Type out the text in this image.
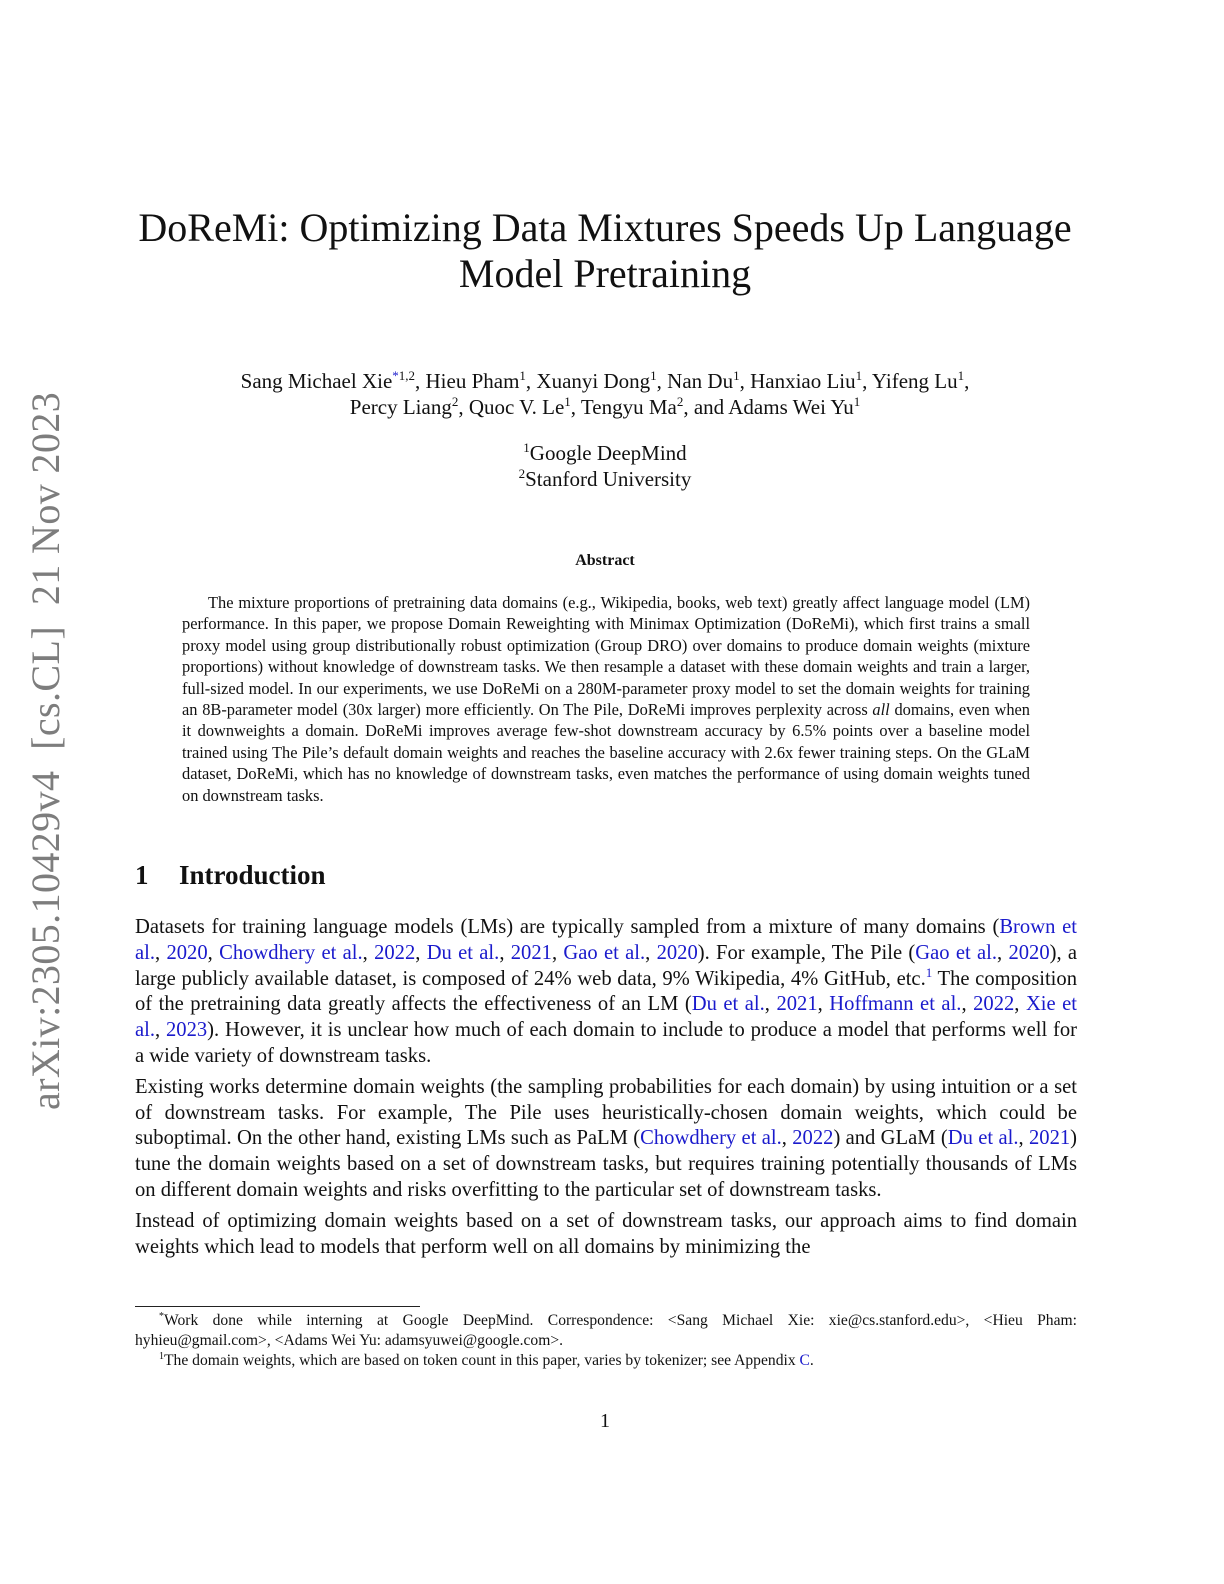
arXiv:2305.10429v4  [cs.CL]  21 Nov 2023
DoReMi: Optimizing Data Mixtures Speeds Up Language Model Pretraining
Sang Michael Xie$^{*1,2}$, Hieu Pham$^1$, Xuanyi Dong$^1$, Nan Du$^1$, Hanxiao Liu$^1$, Yifeng Lu$^1$,
Percy Liang$^2$, Quoc V. Le$^1$, Tengyu Ma$^2$, and Adams Wei Yu$^1$
$^1$Google DeepMind
$^2$Stanford University
Abstract

The mixture proportions of pretraining data domains (e.g., Wikipedia, books, web text) greatly affect language model (LM) performance. In this paper, we propose Domain Reweighting with Minimax Optimization (DoReMi), which first trains a small proxy model using group distributionally robust optimization (Group DRO) over domains to produce domain weights (mixture proportions) without knowledge of downstream tasks. We then resample a dataset with these domain weights and train a larger, full-sized model. In our experiments, we use DoReMi on a 280M-parameter proxy model to set the domain weights for training an 8B-parameter model (30x larger) more efficiently. On The Pile, DoReMi improves perplexity across all domains, even when it downweights a domain. DoReMi improves average few-shot downstream accuracy by 6.5% points over a baseline model trained using The Pile’s default domain weights and reaches the baseline accuracy with 2.6x fewer training steps. On the GLaM dataset, DoReMi, which has no knowledge of downstream tasks, even matches the performance of using domain weights tuned on downstream tasks.

1 Introduction

Datasets for training language models (LMs) are typically sampled from a mixture of many domains (Brown et al., 2020, Chowdhery et al., 2022, Du et al., 2021, Gao et al., 2020). For example, The Pile (Gao et al., 2020), a large publicly available dataset, is composed of 24% web data, 9% Wikipedia, 4% GitHub, etc.$^1$ The composition of the pretraining data greatly affects the effectiveness of an LM (Du et al., 2021, Hoffmann et al., 2022, Xie et al., 2023). However, it is unclear how much of each domain to include to produce a model that performs well for a wide variety of downstream tasks.

Existing works determine domain weights (the sampling probabilities for each domain) by using intuition or a set of downstream tasks. For example, The Pile uses heuristically-chosen domain weights, which could be suboptimal. On the other hand, existing LMs such as PaLM (Chowdhery et al., 2022) and GLaM (Du et al., 2021) tune the domain weights based on a set of downstream tasks, but requires training potentially thousands of LMs on different domain weights and risks overfitting to the particular set of downstream tasks.

Instead of optimizing domain weights based on a set of downstream tasks, our approach aims to find domain weights which lead to models that perform well on all domains by minimizing the

*Work done while interning at Google DeepMind. Correspondence: <Sang Michael Xie: xie@cs.stanford.edu>, <Hieu Pham: hyhieu@gmail.com>, <Adams Wei Yu: adamsyuwei@google.com>.

$^1$The domain weights, which are based on token count in this paper, varies by tokenizer; see Appendix C.

1
